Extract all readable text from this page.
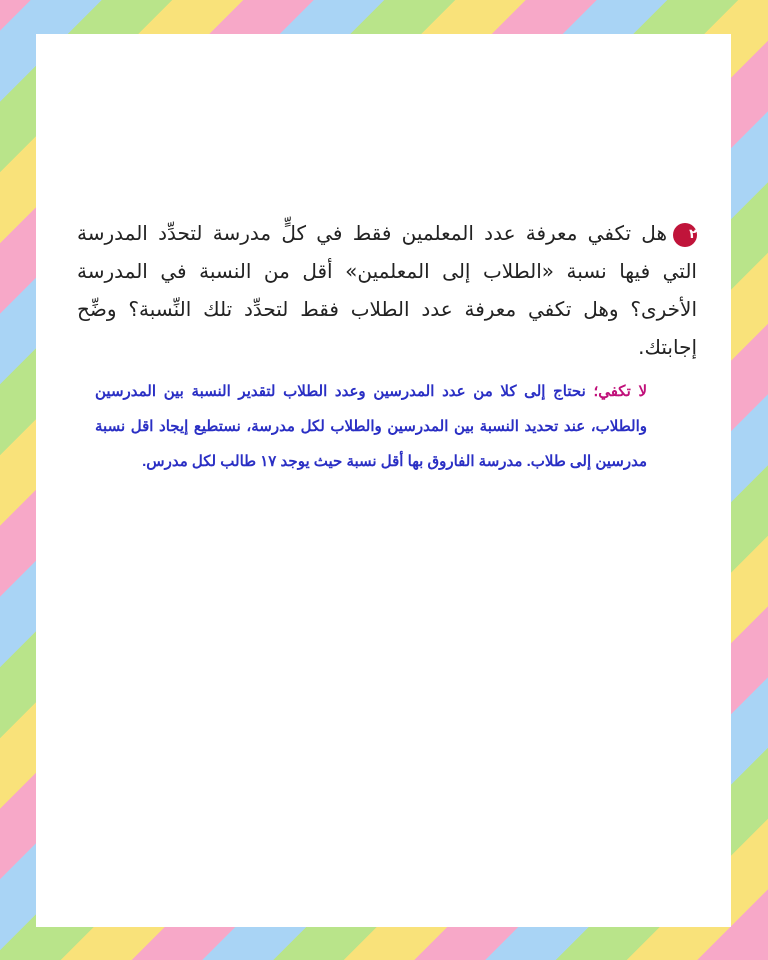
٢هل تكفي معرفة عدد المعلمين فقط في كلٍّ مدرسة لتحدِّد المدرسة التي فيها نسبة «الطلاب إلى المعلمين» أقل من النسبة في المدرسة الأخرى؟ وهل تكفي معرفة عدد الطلاب فقط لتحدِّد تلك النِّسبة؟ وضِّح إجابتك.
لا تكفي؛ نحتاج إلى كلا من عدد المدرسين وعدد الطلاب لتقدير النسبة بين المدرسين والطلاب، عند تحديد النسبة بين المدرسين والطلاب لكل مدرسة، نستطيع إيجاد اقل نسبة مدرسين إلى طلاب. مدرسة الفاروق بها أقل نسبة حيث يوجد ١٧ طالب لكل مدرس.
